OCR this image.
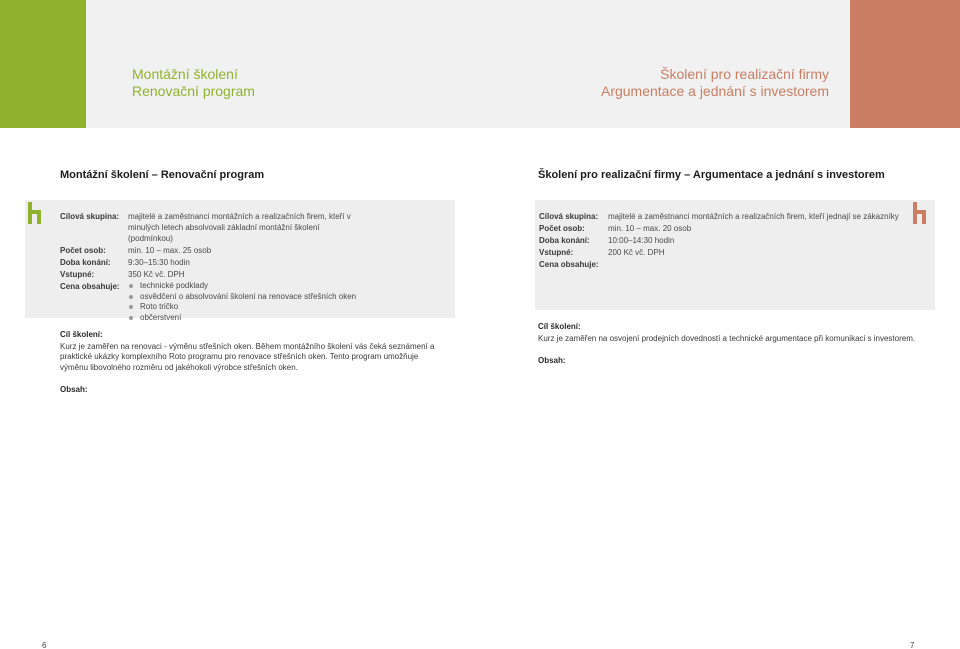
Montážní školení
Renovační program
Montážní školení – Renovační program
Cílová skupina:	majitelé a zaměstnanci montážních a realizačních firem, kteří v minulých letech absolvovali základní montážní školení (podmínkou)
Počet osob:	min. 10 – max. 25 osob
Doba konání:	9:30–15:30 hodin
Vstupné:	350 Kč vč. DPH
Cena obsahuje:	technické podklady
osvědčení o absolvování školení na renovace střešních oken
Roto tričko
občerstvení
Cíl školení:
Kurz je zaměřen na renovaci - výměnu střešních oken. Během montážního školení vás čeká seznámení a praktické ukázky komplexního Roto programu pro renovace střešních oken. Tento program umožňuje výměnu libovolného rozměru od jakéhokoli výrobce střešních oken.
Obsah:
6
Školení pro realizační firmy
Argumentace a jednání s investorem
Školení pro realizační firmy – Argumentace a jednání s investorem
Cílová skupina:	majitelé a zaměstnanci montážních a realizačních firem, kteří jednají se zákazníky
Počet osob:	min. 10 – max. 20 osob
Doba konání:	10:00–14:30 hodin
Vstupné:	200 Kč vč. DPH
Cena obsahuje:
Cíl školení:
Kurz je zaměřen na osvojení prodejních dovedností a technické argumentace při komunikaci s investorem.
Obsah:
7
